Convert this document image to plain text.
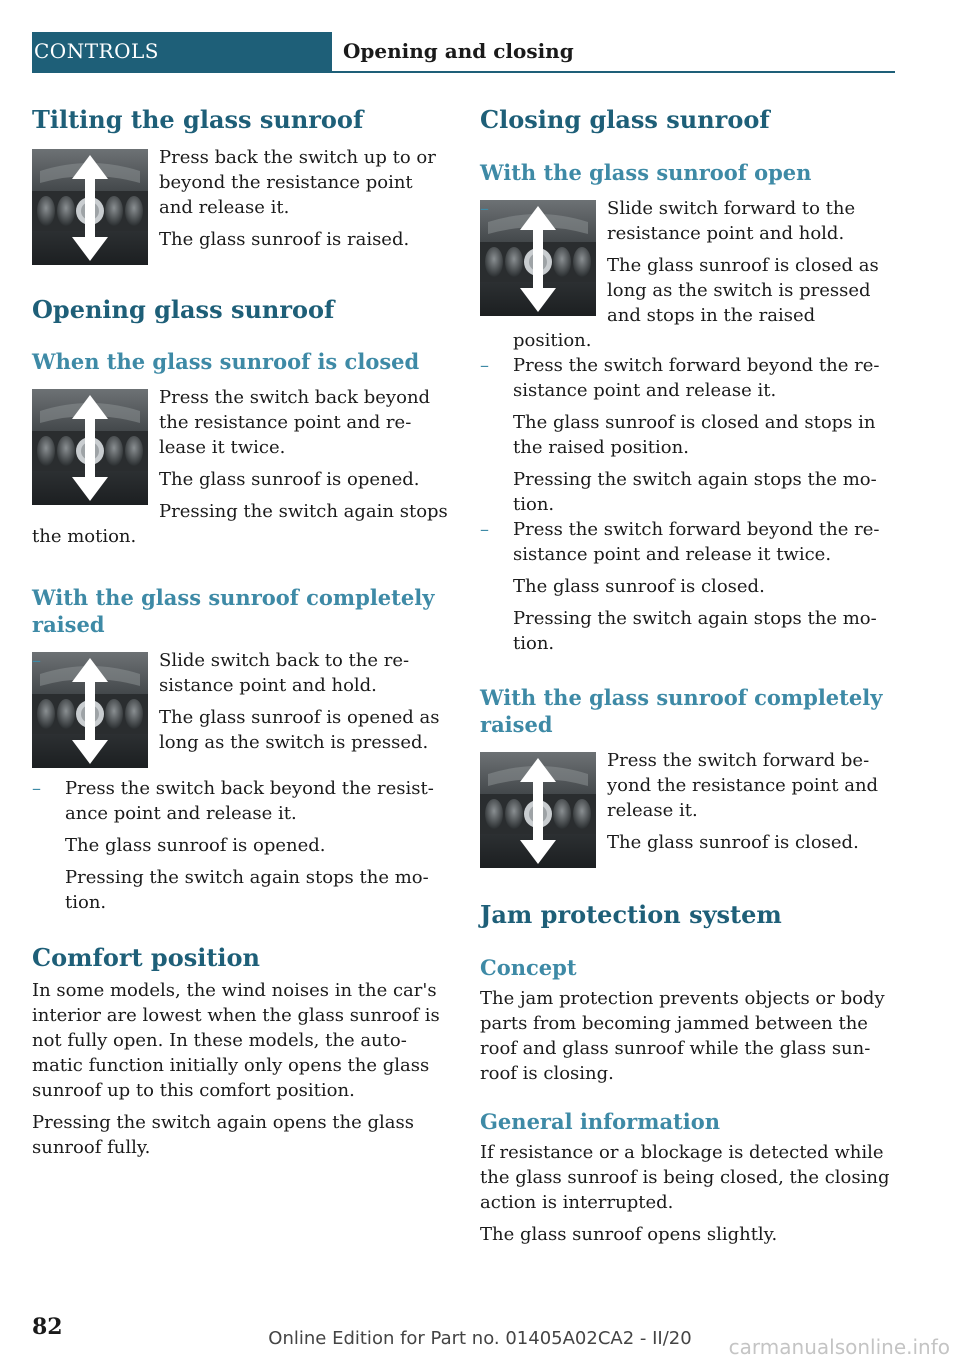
CONTROLS	Opening and closing
Tilting the glass sunroof

Press back the switch up to or beyond the resistance point and release it.

The glass sunroof is raised.

Opening glass sunroof
When the glass sunroof is closed

Press the switch back beyond the resistance point and release it twice.

The glass sunroof is opened.

Pressing the switch again stops the motion.

With the glass sunroof completely raised
–	Slide switch back to the resistance point and hold.

The glass sunroof is opened as long as the switch is pressed.

– Press the switch back beyond the resistance point and release it.

The glass sunroof is opened.

Pressing the switch again stops the motion.

Comfort position

In some models, the wind noises in the car's interior are lowest when the glass sunroof is not fully open. In these models, the automatic function initially only opens the glass sunroof up to this comfort position.

Pressing the switch again opens the glass sunroof fully.

Closing glass sunroof
With the glass sunroof open
–	Slide switch forward to the resistance point and hold.

The glass sunroof is closed as long as the switch is pressed and stops in the raised position.

– Press the switch forward beyond the resistance point and release it.

The glass sunroof is closed and stops in the raised position.

Pressing the switch again stops the motion.

– Press the switch forward beyond the resistance point and release it twice.

The glass sunroof is closed.

Pressing the switch again stops the motion.

With the glass sunroof completely raised

Press the switch forward beyond the resistance point and release it.

The glass sunroof is closed.

Jam protection system
Concept

The jam protection prevents objects or body parts from becoming jammed between the roof and glass sunroof while the glass sunroof is closing.

General information

If resistance or a blockage is detected while the glass sunroof is being closed, the closing action is interrupted.

The glass sunroof opens slightly.

82	Online Edition for Part no. 01405A02CA2 - II/20	carmanualsonline.info
